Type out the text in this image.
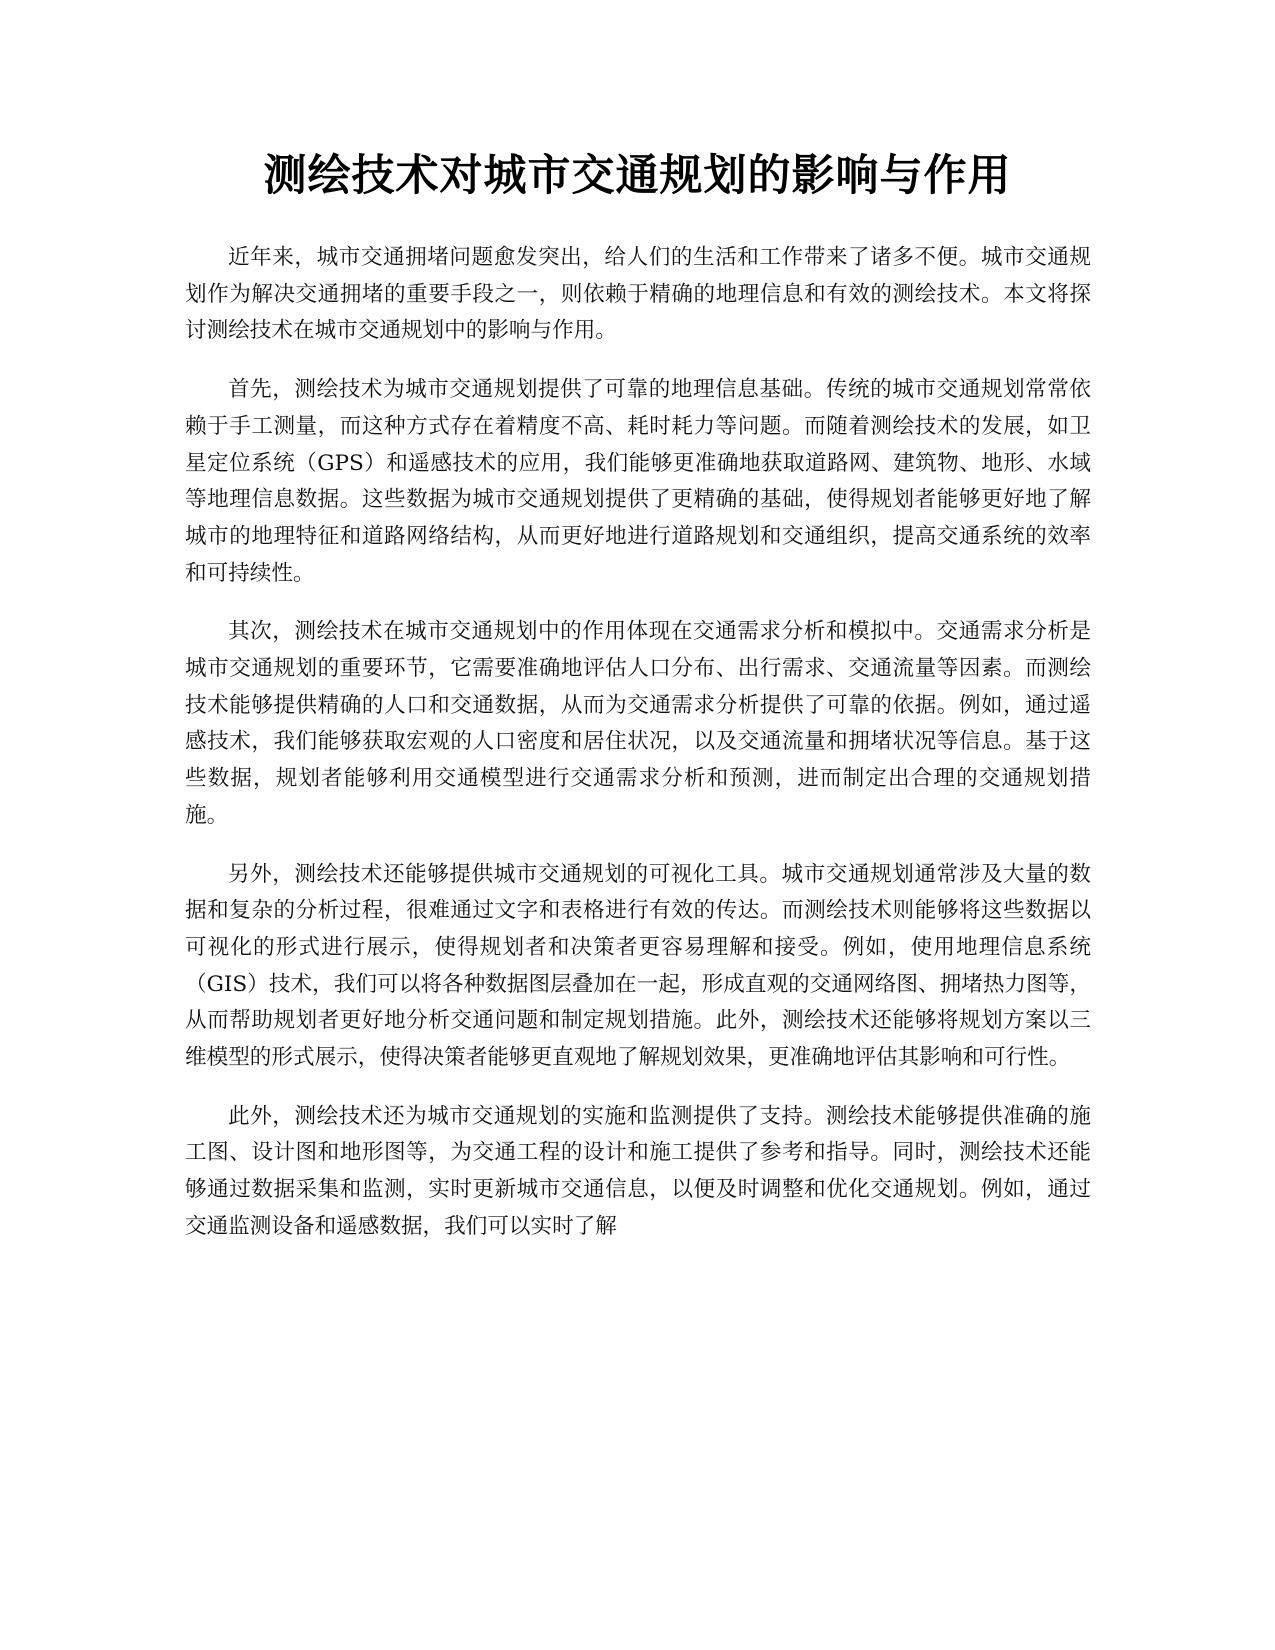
测绘技术对城市交通规划的影响与作用

近年来，城市交通拥堵问题愈发突出，给人们的生活和工作带来了诸多不便。城市交通规划作为解决交通拥堵的重要手段之一，则依赖于精确的地理信息和有效的测绘技术。本文将探讨测绘技术在城市交通规划中的影响与作用。

首先，测绘技术为城市交通规划提供了可靠的地理信息基础。传统的城市交通规划常常依赖于手工测量，而这种方式存在着精度不高、耗时耗力等问题。而随着测绘技术的发展，如卫星定位系统（GPS）和遥感技术的应用，我们能够更准确地获取道路网、建筑物、地形、水域等地理信息数据。这些数据为城市交通规划提供了更精确的基础，使得规划者能够更好地了解城市的地理特征和道路网络结构，从而更好地进行道路规划和交通组织，提高交通系统的效率和可持续性。

其次，测绘技术在城市交通规划中的作用体现在交通需求分析和模拟中。交通需求分析是城市交通规划的重要环节，它需要准确地评估人口分布、出行需求、交通流量等因素。而测绘技术能够提供精确的人口和交通数据，从而为交通需求分析提供了可靠的依据。例如，通过遥感技术，我们能够获取宏观的人口密度和居住状况，以及交通流量和拥堵状况等信息。基于这些数据，规划者能够利用交通模型进行交通需求分析和预测，进而制定出合理的交通规划措施。

另外，测绘技术还能够提供城市交通规划的可视化工具。城市交通规划通常涉及大量的数据和复杂的分析过程，很难通过文字和表格进行有效的传达。而测绘技术则能够将这些数据以可视化的形式进行展示，使得规划者和决策者更容易理解和接受。例如，使用地理信息系统（GIS）技术，我们可以将各种数据图层叠加在一起，形成直观的交通网络图、拥堵热力图等，从而帮助规划者更好地分析交通问题和制定规划措施。此外，测绘技术还能够将规划方案以三维模型的形式展示，使得决策者能够更直观地了解规划效果，更准确地评估其影响和可行性。

此外，测绘技术还为城市交通规划的实施和监测提供了支持。测绘技术能够提供准确的施工图、设计图和地形图等，为交通工程的设计和施工提供了参考和指导。同时，测绘技术还能够通过数据采集和监测，实时更新城市交通信息，以便及时调整和优化交通规划。例如，通过交通监测设备和遥感数据，我们可以实时了解
